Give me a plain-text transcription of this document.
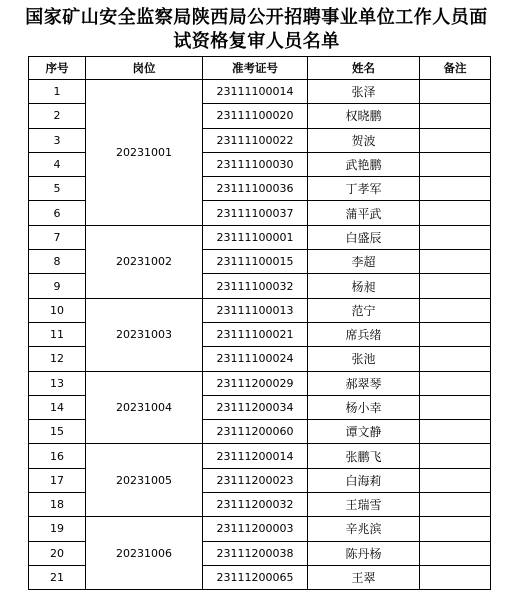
国家矿山安全监察局陕西局公开招聘事业单位工作人员面
试资格复审人员名单
序号	岗位	准考证号	姓名	备注
1	20231001	23111100014	张泽	
2		23111100020	权晓鹏	
3		23111100022	贺波	
4		23111100030	武艳鹏	
5		23111100036	丁孝军	
6		23111100037	蒲平武	
7	20231002	23111100001	白盛辰	
8		23111100015	李超	
9		23111100032	杨昶	
10	20231003	23111100013	范宁	
11		23111100021	席兵绪	
12		23111100024	张池	
13	20231004	23111200029	郝翠琴	
14		23111200034	杨小幸	
15		23111200060	谭文静	
16	20231005	23111200014	张鹏飞	
17		23111200023	白海莉	
18		23111200032	王瑞雪	
19	20231006	23111200003	辛兆滨	
20		23111200038	陈丹杨	
21		23111200065	王翠	
